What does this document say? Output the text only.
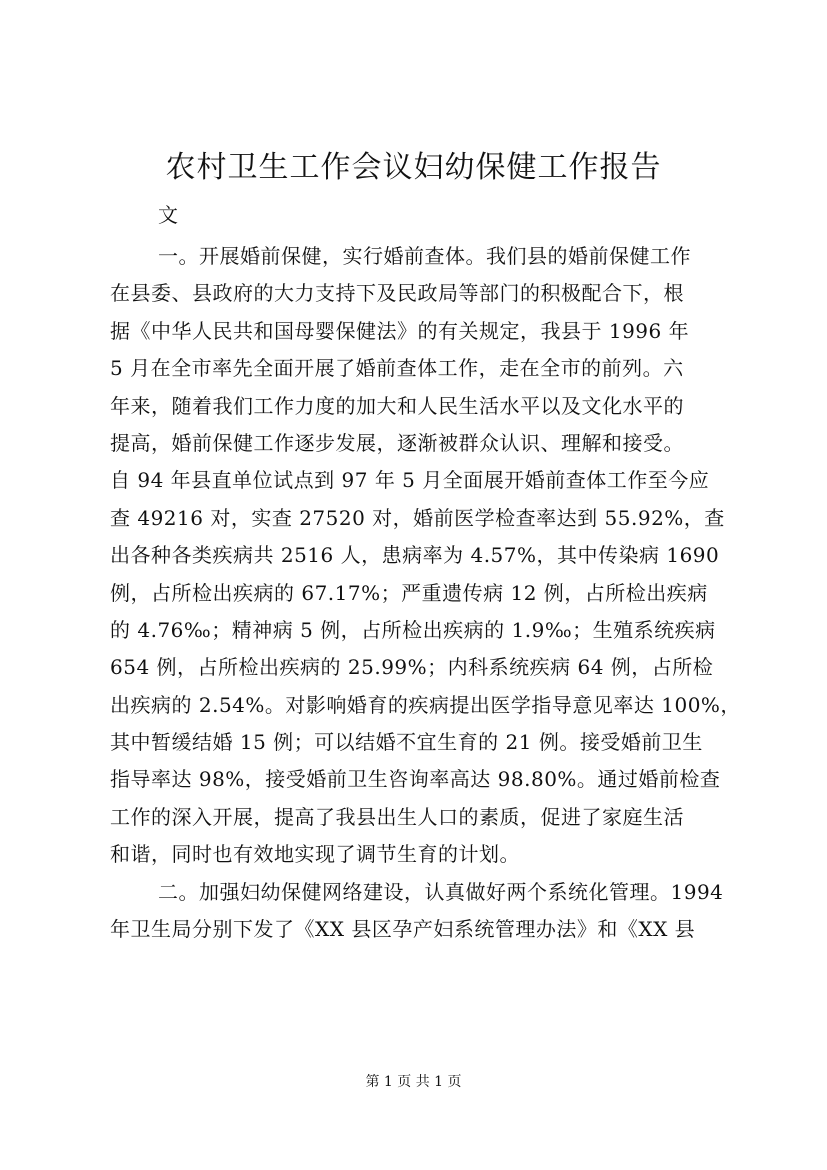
农村卫生工作会议妇幼保健工作报告

文

一。开展婚前保健，实行婚前查体。我们县的婚前保健工作
在县委、县政府的大力支持下及民政局等部门的积极配合下，根
据《中华人民共和国母婴保健法》的有关规定，我县于 1996 年
5 月在全市率先全面开展了婚前查体工作，走在全市的前列。六
年来，随着我们工作力度的加大和人民生活水平以及文化水平的
提高，婚前保健工作逐步发展，逐渐被群众认识、理解和接受。
自 94 年县直单位试点到 97 年 5 月全面展开婚前查体工作至今应
查 49216 对，实查 27520 对，婚前医学检查率达到 55.92%，查
出各种各类疾病共 2516 人，患病率为 4.57%，其中传染病 1690
例，占所检出疾病的 67.17%；严重遗传病 12 例，占所检出疾病
的 4.76‰；精神病 5 例，占所检出疾病的 1.9‰；生殖系统疾病
654 例，占所检出疾病的 25.99%；内科系统疾病 64 例，占所检
出疾病的 2.54%。对影响婚育的疾病提出医学指导意见率达 100%，
其中暂缓结婚 15 例；可以结婚不宜生育的 21 例。接受婚前卫生
指导率达 98%，接受婚前卫生咨询率高达 98.80%。通过婚前检查
工作的深入开展，提高了我县出生人口的素质，促进了家庭生活
和谐，同时也有效地实现了调节生育的计划。
二。加强妇幼保健网络建设，认真做好两个系统化管理。1994
年卫生局分别下发了《XX 县区孕产妇系统管理办法》和《XX 县
第 1 页 共 1 页
